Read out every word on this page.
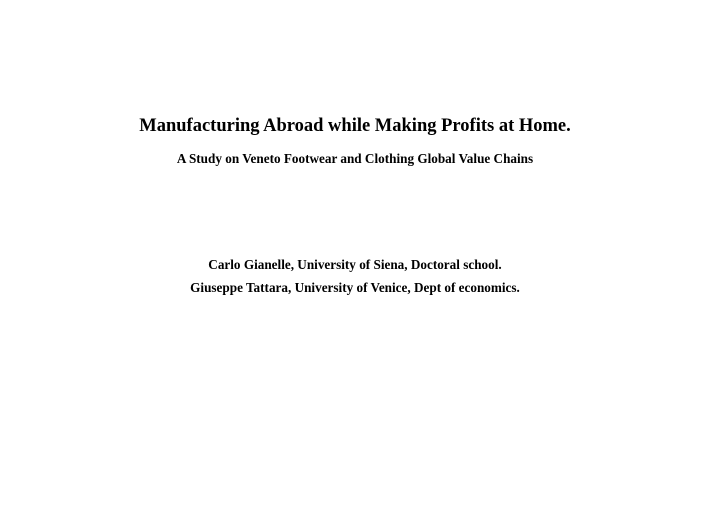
Manufacturing Abroad while Making Profits at Home.
A Study on Veneto Footwear and Clothing Global Value Chains
Carlo Gianelle, University of Siena, Doctoral school.
Giuseppe Tattara, University of Venice, Dept of economics.
